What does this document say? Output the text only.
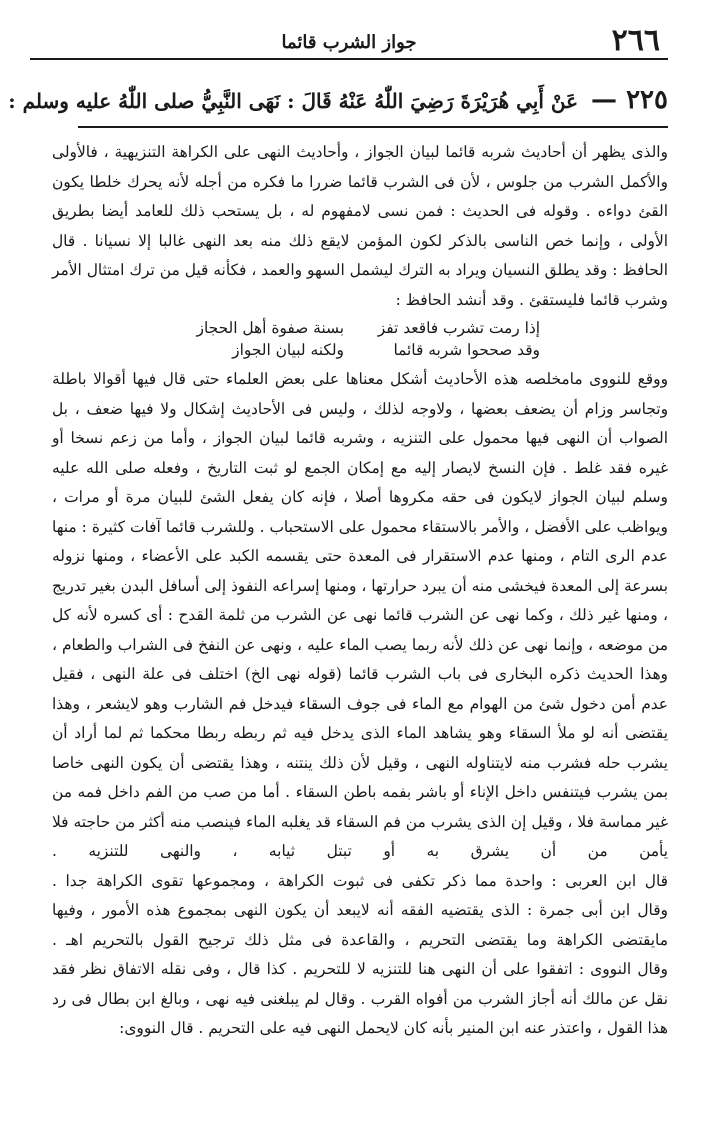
٢٦٦
جواز الشرب قائما
٢٢٥ — عَنْ أَبِي هُرَيْرَةَ رَضِيَ اللّٰهُ عَنْهُ قَالَ : نَهَى النَّبِيُّ صلى اللّٰهُ عليه وسلم :

والذى يظهر أن أحاديث شربه قائما لبيان الجواز ، وأحاديث النهى على الكراهة التنزيهية ، فالأولى والأكمل الشرب من جلوس ، لأن فى الشرب قائما ضررا ما فكره من أجله لأنه يحرك خلطا يكون القئ دواءه . وقوله فى الحديث : فمن نسى لامفهوم له ، بل يستحب ذلك للعامد أيضا بطريق الأولى ، وإنما خص الناسى بالذكر لكون المؤمن لايقع ذلك منه بعد النهى غالبا إلا نسيانا . قال الحافظ : وقد يطلق النسيان ويراد به الترك ليشمل السهو والعمد ، فكأنه قيل من ترك امتثال الأمر وشرب قائما فليستقئ . وقد أنشد الحافظ :

إذا رمت تشرب فاقعد تفز
بسنة صفوة أهل الحجاز
وقد صححوا شربه قائما
ولكنه لبيان الجواز

ووقع للنووى مامخلصه هذه الأحاديث أشكل معناها على بعض العلماء حتى قال فيها أقوالا باطلة وتجاسر وزام أن يضعف بعضها ، ولاوجه لذلك ، وليس فى الأحاديث إشكال ولا فيها ضعف ، بل الصواب أن النهى فيها محمول على التنزيه ، وشربه قائما لبيان الجواز ، وأما من زعم نسخا أو غيره فقد غلط . فإن النسخ لايصار إليه مع إمكان الجمع لو ثبت التاريخ ، وفعله صلى الله عليه وسلم لبيان الجواز لايكون فى حقه مكروها أصلا ، فإنه كان يفعل الشئ للبيان مرة أو مرات ، ويواظب على الأفضل ، والأمر بالاستقاء محمول على الاستحباب . وللشرب قائما آفات كثيرة : منها عدم الرى التام ، ومنها عدم الاستقرار فى المعدة حتى يقسمه الكبد على الأعضاء ، ومنها نزوله بسرعة إلى المعدة فيخشى منه أن يبرد حرارتها ، ومنها إسراعه النفوذ إلى أسافل البدن بغير تدريج ، ومنها غير ذلك ، وكما نهى عن الشرب قائما نهى عن الشرب من ثلمة القدح : أى كسره لأنه كل من موضعه ، وإنما نهى عن ذلك لأنه ربما يصب الماء عليه ، ونهى عن النفخ فى الشراب والطعام ، وهذا الحديث ذكره البخارى فى باب الشرب قائما (قوله نهى الخ) اختلف فى علة النهى ، فقيل عدم أمن دخول شئ من الهوام مع الماء فى جوف السقاء فيدخل فم الشارب وهو لايشعر ، وهذا يقتضى أنه لو ملأ السقاء وهو يشاهد الماء الذى يدخل فيه ثم ربطه ربطا محكما ثم لما أراد أن يشرب حله فشرب منه لايتناوله النهى ، وقيل لأن ذلك ينتنه ، وهذا يقتضى أن يكون النهى خاصا بمن يشرب فيتنفس داخل الإناء أو باشر بفمه باطن السقاء . أما من صب من الفم داخل فمه من غير مماسة فلا ، وقيل إن الذى يشرب من فم السقاء قد يغلبه الماء فينصب منه أكثر من حاجته فلا يأمن من أن يشرق به أو تبتل ثيابه ، والنهى للتنزيه .

قال ابن العربى : واحدة مما ذكر تكفى فى ثبوت الكراهة ، ومجموعها تقوى الكراهة جدا .

وقال ابن أبى جمرة : الذى يقتضيه الفقه أنه لايبعد أن يكون النهى بمجموع هذه الأمور ، وفيها مايقتضى الكراهة وما يقتضى التحريم ، والقاعدة فى مثل ذلك ترجيح القول بالتحريم اهـ .

وقال النووى : اتفقوا على أن النهى هنا للتنزيه لا للتحريم . كذا قال ، وفى نقله الاتفاق نظر فقد نقل عن مالك أنه أجاز الشرب من أفواه القرب . وقال لم يبلغنى فيه نهى ، وبالغ ابن بطال فى رد هذا القول ، واعتذر عنه ابن المنير بأنه كان لايحمل النهى فيه على التحريم . قال النووى:
